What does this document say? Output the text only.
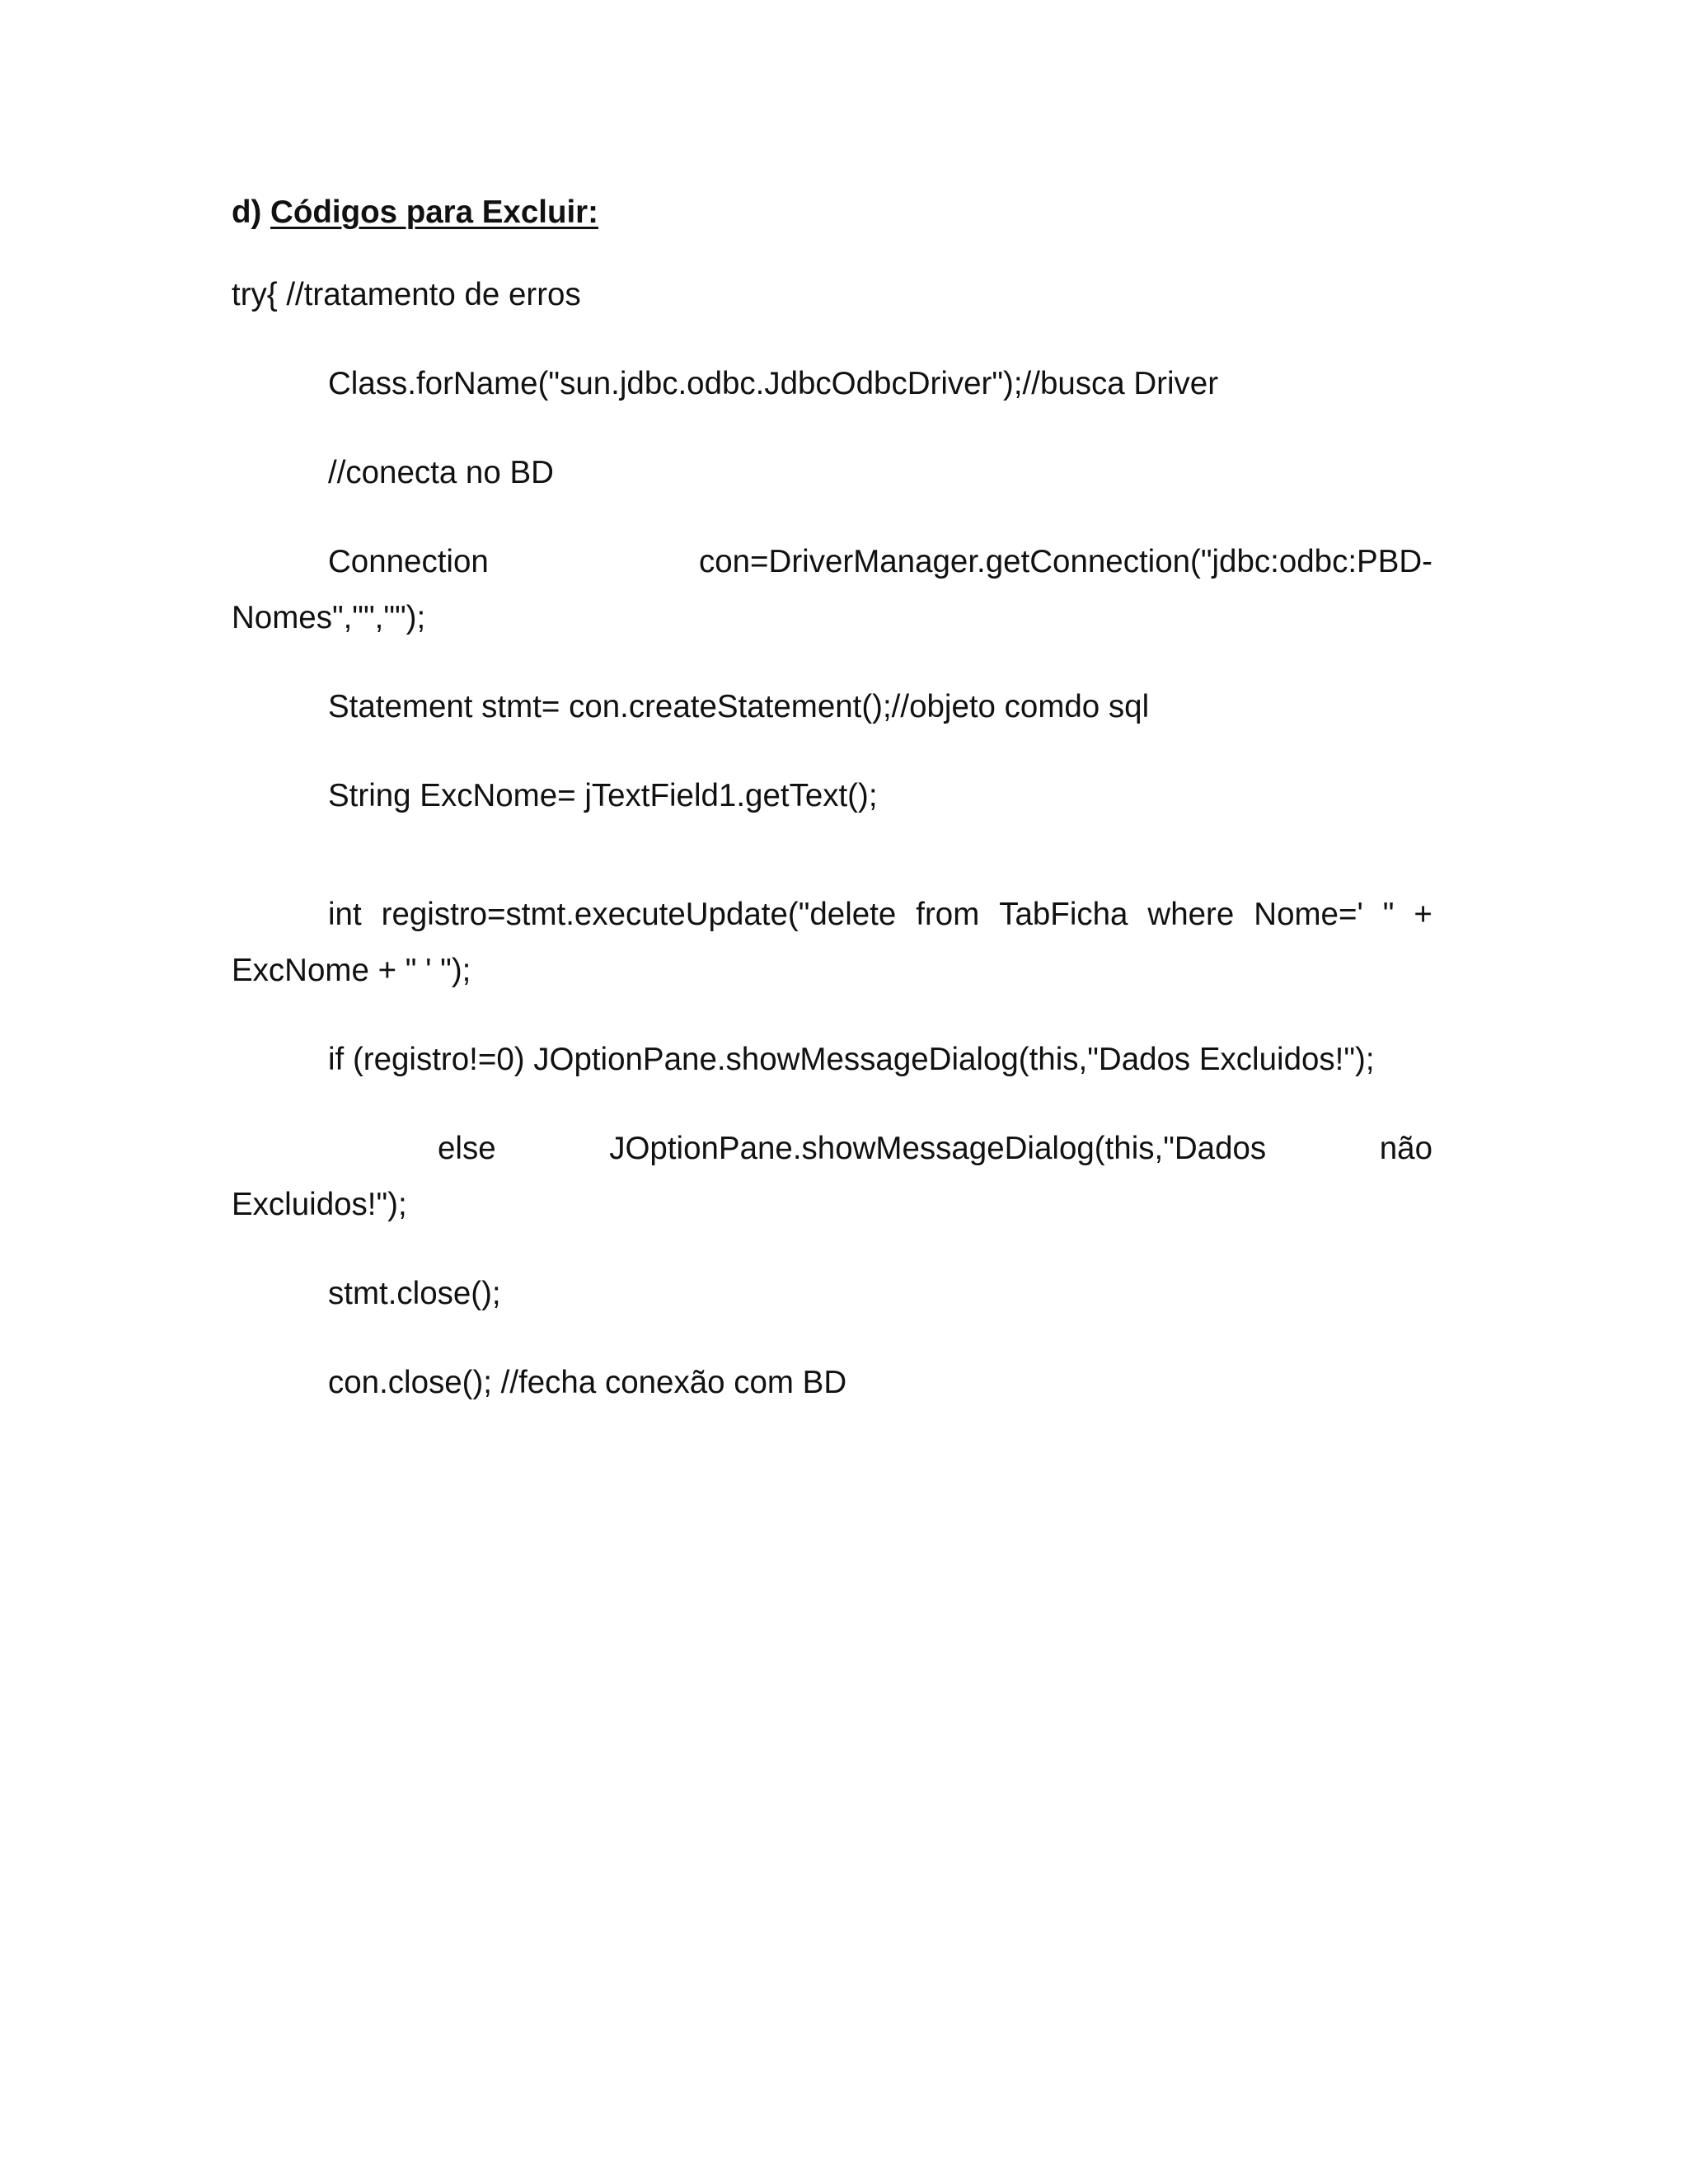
d) Códigos para Excluir:

try{ //tratamento de erros

Class.forName("sun.jdbc.odbc.JdbcOdbcDriver");//busca Driver

//conecta no BD

Connection	con=DriverManager.getConnection("jdbc:odbc:PBD-
Nomes","","");

Statement stmt= con.createStatement();//objeto comdo sql

String ExcNome= jTextField1.getText();

int registro=stmt.executeUpdate("delete from TabFicha where Nome=' " +
ExcNome + " ' ");

if (registro!=0) JOptionPane.showMessageDialog(this,"Dados Excluidos!");

else	JOptionPane.showMessageDialog(this,"Dados	não
Excluidos!");

stmt.close();

con.close(); //fecha conexão com BD
